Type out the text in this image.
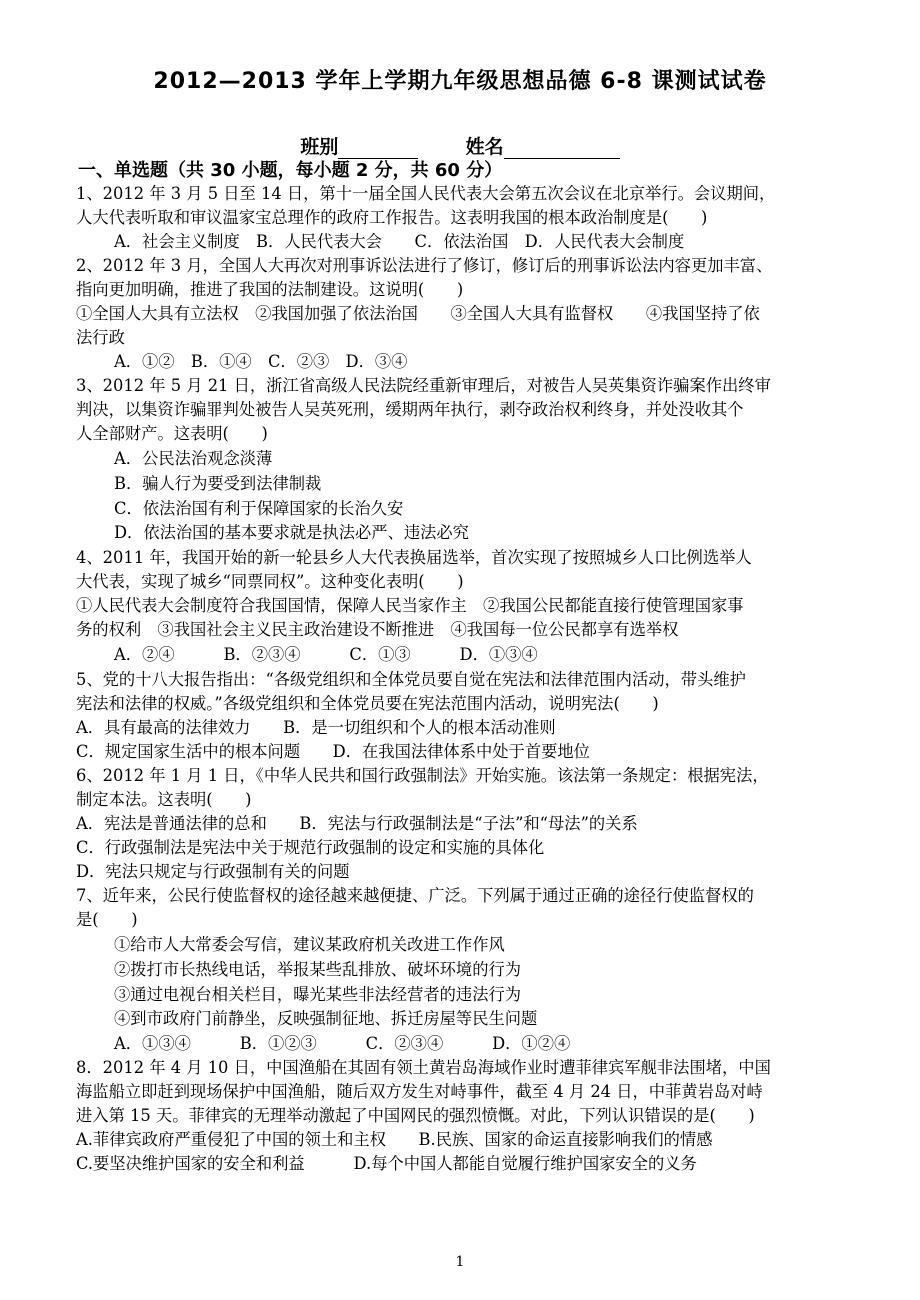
2012—2013 学年上学期九年级思想品德 6-8 课测试试卷
班别	姓名
一、单选题（共 30 小题，每小题 2 分，共 60 分）
1、2012 年 3 月 5 日至 14 日，第十一届全国人民代表大会第五次会议在北京举行。会议期间，
人大代表听取和审议温家宝总理作的政府工作报告。这表明我国的根本政治制度是(　　)
A．社会主义制度　B．人民代表大会　　C．依法治国　D．人民代表大会制度
2、2012 年 3 月，全国人大再次对刑事诉讼法进行了修订，修订后的刑事诉讼法内容更加丰富、
指向更加明确，推进了我国的法制建设。这说明(　　)
①全国人大具有立法权　②我国加强了依法治国　　③全国人大具有监督权　　④我国坚持了依
法行政
A．①②　B．①④　C．②③　D．③④
3、2012 年 5 月 21 日，浙江省高级人民法院经重新审理后，对被告人吴英集资诈骗案作出终审
判决，以集资诈骗罪判处被告人吴英死刑，缓期两年执行，剥夺政治权利终身，并处没收其个
人全部财产。这表明(　　)
A．公民法治观念淡薄
B．骗人行为要受到法律制裁
C．依法治国有利于保障国家的长治久安
D．依法治国的基本要求就是执法必严、违法必究
4、2011 年，我国开始的新一轮县乡人大代表换届选举，首次实现了按照城乡人口比例选举人
大代表，实现了城乡“同票同权”。这种变化表明(　　)
①人民代表大会制度符合我国国情，保障人民当家作主　②我国公民都能直接行使管理国家事
务的权利　③我国社会主义民主政治建设不断推进　④我国每一位公民都享有选举权
A．②④　　　B．②③④　　　C．①③　　　D．①③④
5、党的十八大报告指出：“各级党组织和全体党员要自觉在宪法和法律范围内活动，带头维护
宪法和法律的权威。”各级党组织和全体党员要在宪法范围内活动，说明宪法(　　)
A．具有最高的法律效力　　B．是一切组织和个人的根本活动准则
C．规定国家生活中的根本问题　　D．在我国法律体系中处于首要地位
6、2012 年 1 月 1 日，《中华人民共和国行政强制法》开始实施。该法第一条规定：根据宪法，
制定本法。这表明(　　)
A．宪法是普通法律的总和　　B．宪法与行政强制法是“子法”和“母法”的关系
C．行政强制法是宪法中关于规范行政强制的设定和实施的具体化
D．宪法只规定与行政强制有关的问题
7、近年来，公民行使监督权的途径越来越便捷、广泛。下列属于通过正确的途径行使监督权的
是(　　)
①给市人大常委会写信，建议某政府机关改进工作作风
②拨打市长热线电话，举报某些乱排放、破坏环境的行为
③通过电视台相关栏目，曝光某些非法经营者的违法行为
④到市政府门前静坐，反映强制征地、拆迁房屋等民生问题
A．①③④　　　B．①②③　　　C．②③④　　　D．①②④
8．2012 年 4 月 10 日，中国渔船在其固有领土黄岩岛海域作业时遭菲律宾军舰非法围堵，中国
海监船立即赶到现场保护中国渔船，随后双方发生对峙事件，截至 4 月 24 日，中菲黄岩岛对峙
进入第 15 天。菲律宾的无理举动激起了中国网民的强烈愤慨。对此，下列认识错误的是(　　)
A.菲律宾政府严重侵犯了中国的领土和主权　　B.民族、国家的命运直接影响我们的情感
C.要坚决维护国家的安全和利益　　　D.每个中国人都能自觉履行维护国家安全的义务
1
